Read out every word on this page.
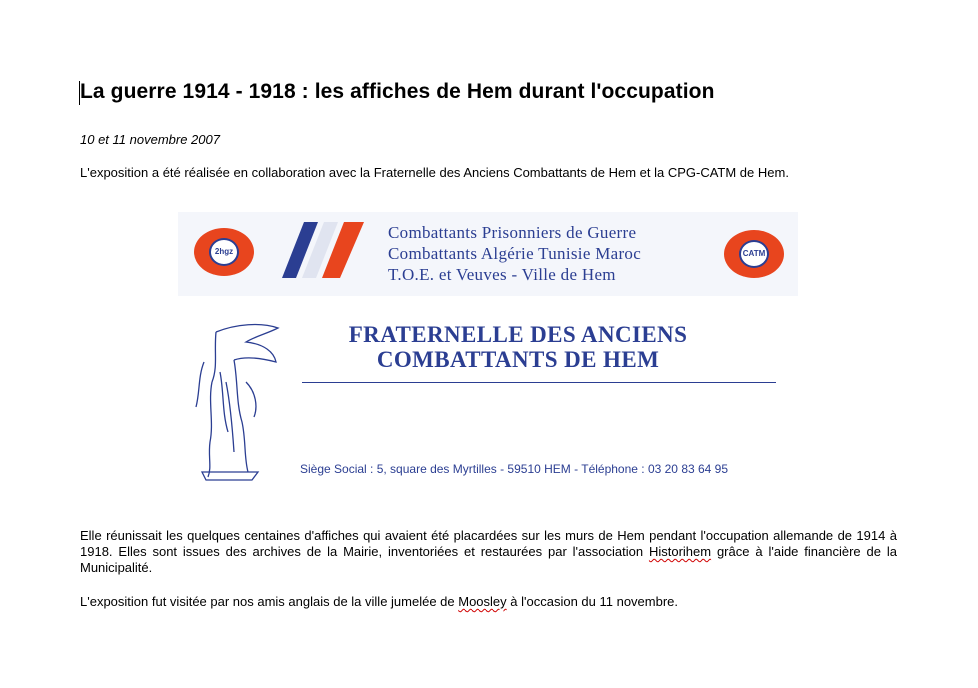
La guerre 1914 - 1918 : les affiches de Hem durant l'occupation
10 et 11 novembre 2007
L'exposition a été réalisée en collaboration avec la Fraternelle des Anciens Combattants de Hem et la CPG-CATM de Hem.
2hgz
Combattants Prisonniers de Guerre
Combattants Algérie Tunisie Maroc
T.O.E. et Veuves - Ville de Hem
CATM
FRATERNELLE DES ANCIENS
COMBATTANTS DE HEM
Siège Social : 5, square des Myrtilles - 59510 HEM - Téléphone : 03 20 83 64 95

Elle réunissait les quelques centaines d'affiches qui avaient été placardées sur les murs de Hem pendant l'occupation allemande de 1914 à 1918. Elles sont issues des archives de la Mairie, inventoriées et restaurées par l'association Historihem grâce à l'aide financière de la Municipalité.

L'exposition fut visitée par nos amis anglais de la ville jumelée de Moosley à l'occasion du 11 novembre.
